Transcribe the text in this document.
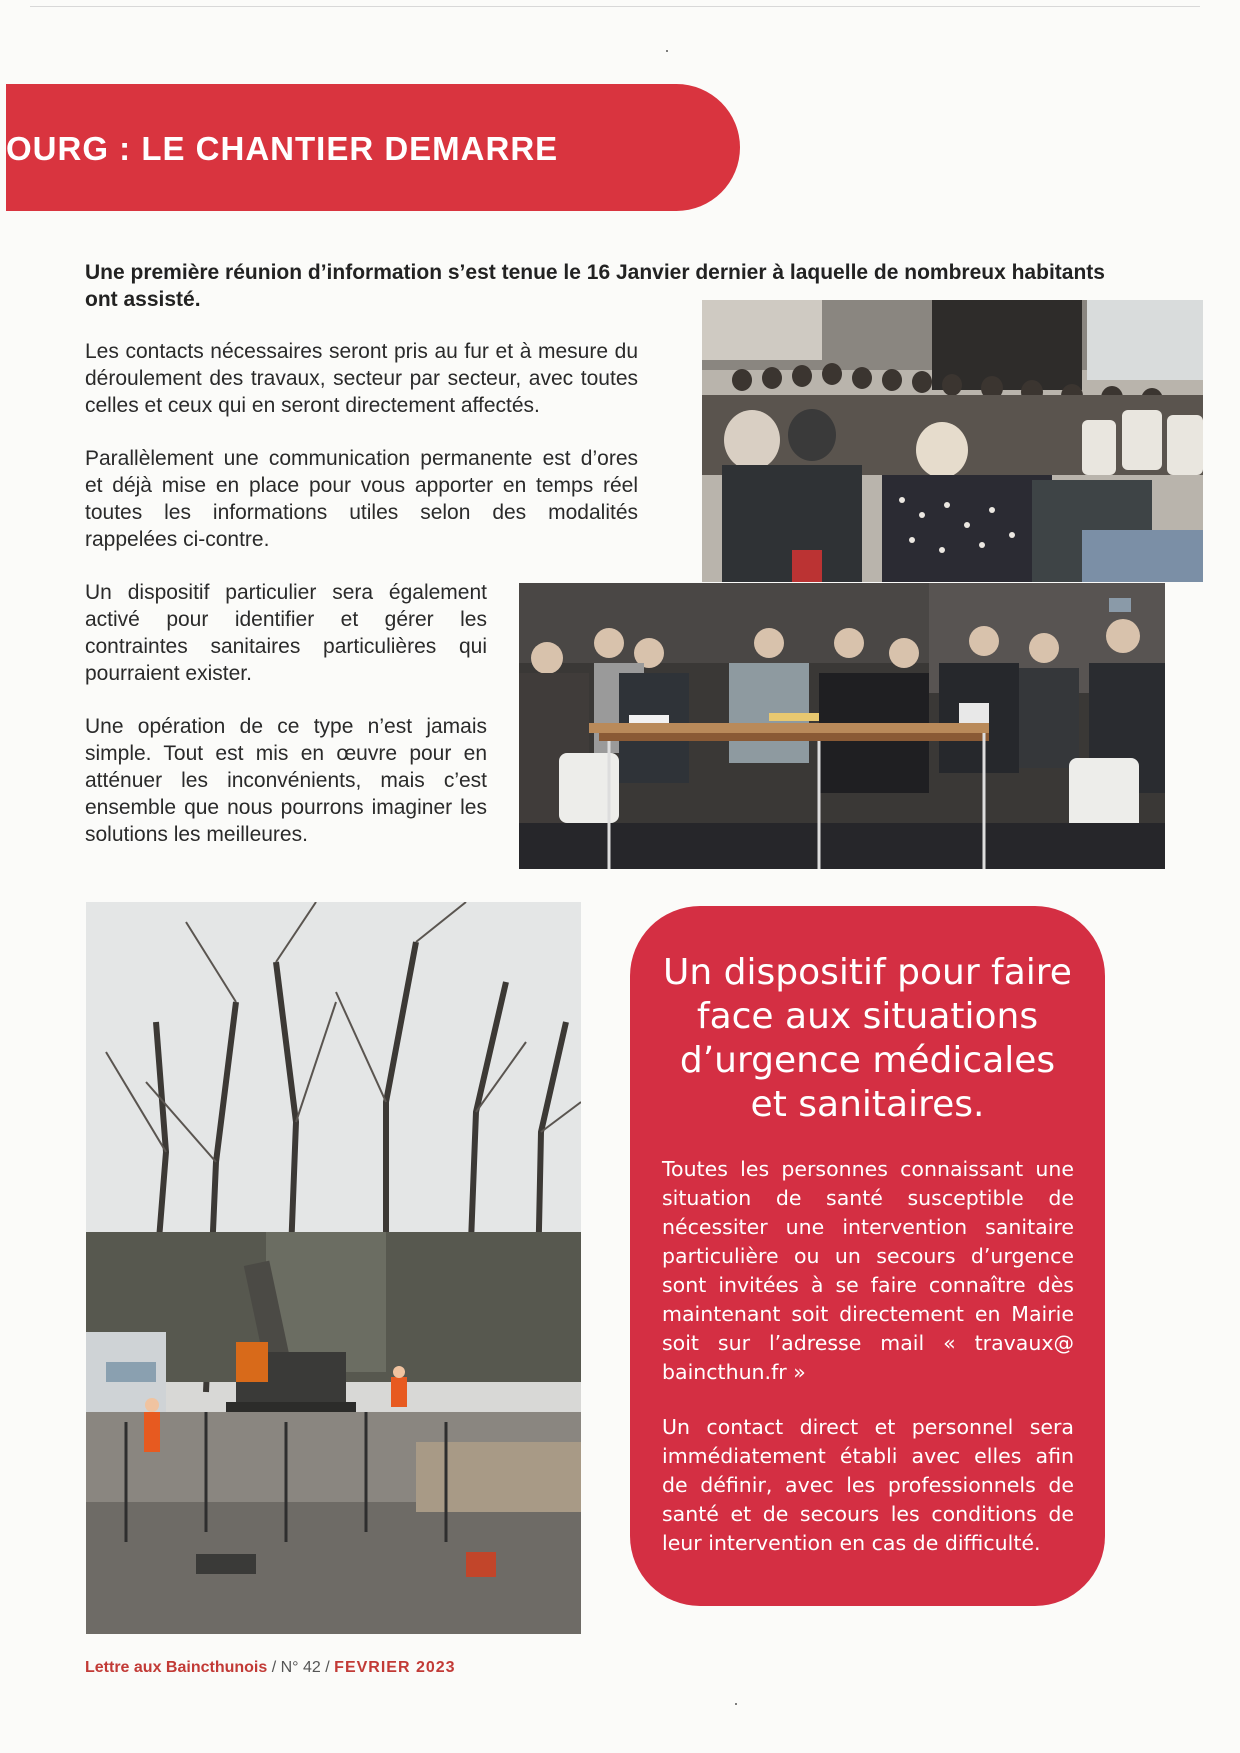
OURG : LE CHANTIER DEMARRE
Une première réunion d’information s’est tenue le 16 Janvier dernier à laquelle de nombreux habitants ont assisté.

Les contacts nécessaires seront pris au fur et à mesure du déroulement des travaux, secteur par secteur, avec toutes celles et ceux qui en seront directement affectés.

Parallèlement une communication permanente est d’ores et déjà mise en place pour vous apporter en temps réel toutes les informations utiles selon des modalités rappelées ci-contre.

Un dispositif particulier sera également activé pour identifier et gérer les contraintes sanitaires particulières qui pourraient exister.

Une opération de ce type n’est jamais simple. Tout est mis en œuvre pour en atténuer les inconvénients, mais c’est ensemble que nous pourrons imaginer les solutions les meilleures.

Un dispositif pour faire
face aux situations
d’urgence médicales
et sanitaires.

Toutes les personnes connaissant une situation de santé susceptible de nécessiter une intervention sanitaire particulière ou un secours d’urgence sont invitées à se faire connaître dès maintenant soit directement en Mairie soit sur l’adresse mail « travaux@ baincthun.fr »

Un contact direct et personnel sera immédiatement établi avec elles afin de définir, avec les professionnels de santé et de secours les conditions de leur intervention en cas de difficulté.

Lettre aux Baincthunois / N° 42 / FEVRIER 2023
